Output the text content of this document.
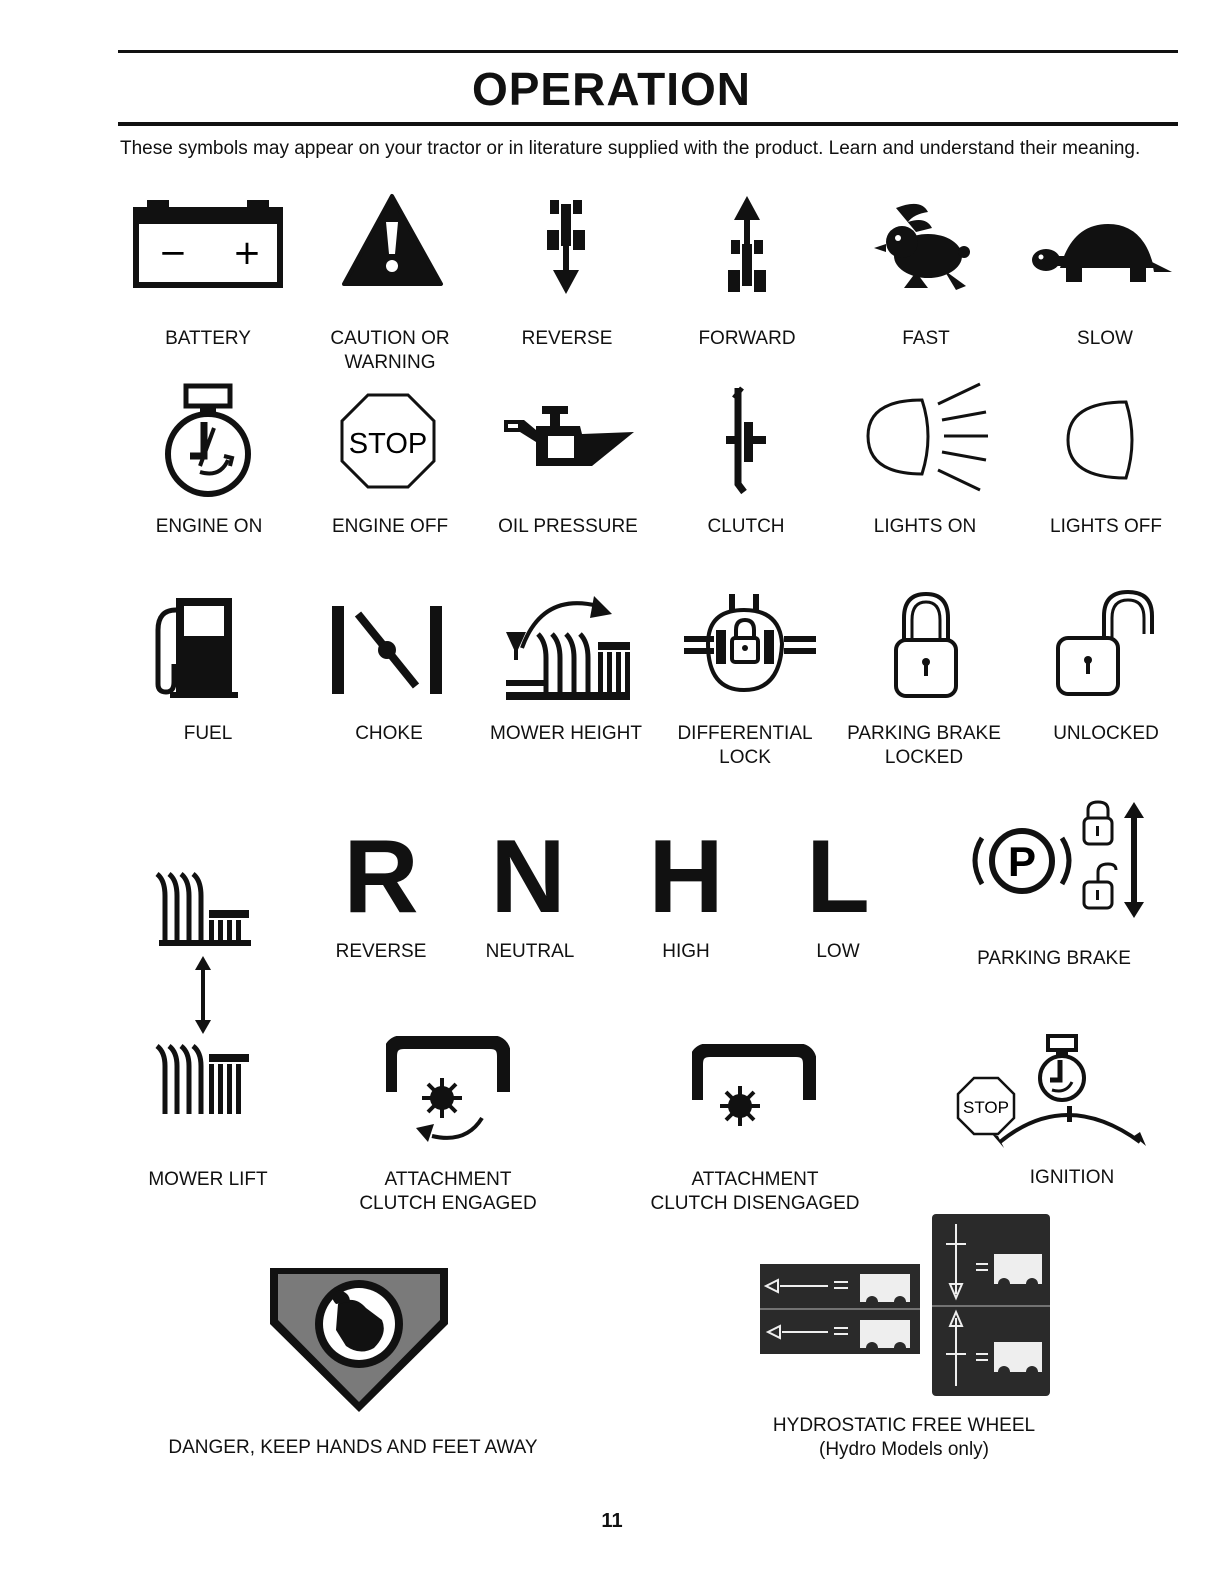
OPERATION
These symbols may appear on your tractor or in literature supplied with the product. Learn and understand their meaning.
− +
BATTERY	CAUTION OR
WARNING
REVERSE	FORWARD	FAST	SLOW
ENGINE ON
STOP
ENGINE OFF	OIL PRESSURE	CLUTCH	LIGHTS ON	LIGHTS OFF
FUEL	CHOKE	MOWER HEIGHT DIFFERENTIAL
LOCK
PARKING BRAKE
LOCKED
UNLOCKED
R N H L
REVERSE	NEUTRAL	HIGH	LOW
P
PARKING BRAKE
MOWER LIFT	ATTACHMENT
CLUTCH ENGAGED
ATTACHMENT
CLUTCH DISENGAGED
STOP
IGNITION
DANGER, KEEP HANDS AND FEET AWAY
HYDROSTATIC FREE WHEEL
(Hydro Models only)
11
